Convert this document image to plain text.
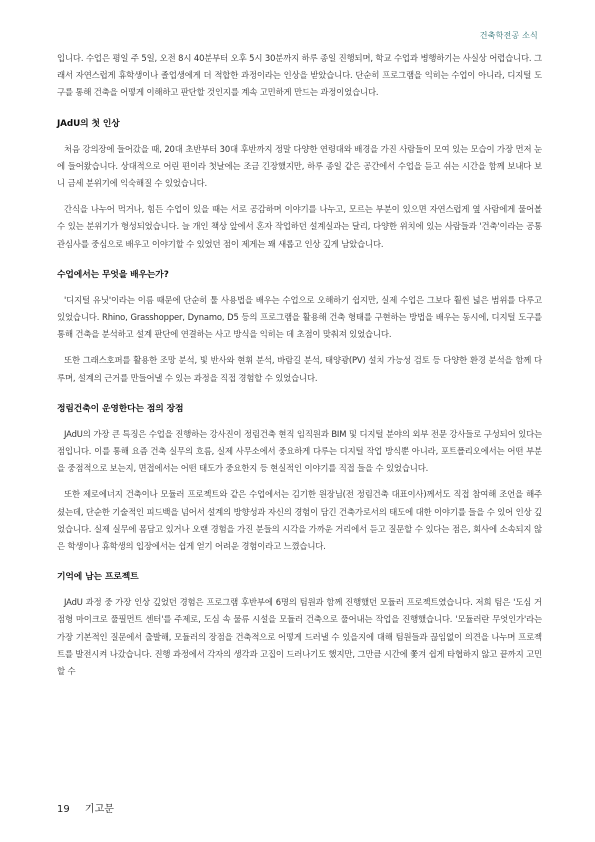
건축학전공 소식

입니다. 수업은 평일 주 5일, 오전 8시 40분부터 오후 5시 30분까지 하루 종일 진행되며, 학교 수업과 병행하기는 사실상 어렵습니다. 그래서 자연스럽게 휴학생이나 졸업생에게 더 적합한 과정이라는 인상을 받았습니다. 단순히 프로그램을 익히는 수업이 아니라, 디지털 도구를 통해 건축을 어떻게 이해하고 판단할 것인지를 계속 고민하게 만드는 과정이었습니다.

JAdU의 첫 인상

처음 강의장에 들어갔을 때, 20대 초반부터 30대 후반까지 정말 다양한 연령대와 배경을 가진 사람들이 모여 있는 모습이 가장 먼저 눈에 들어왔습니다. 상대적으로 어린 편이라 첫날에는 조금 긴장했지만, 하루 종일 같은 공간에서 수업을 듣고 쉬는 시간을 함께 보내다 보니 금세 분위기에 익숙해질 수 있었습니다.

간식을 나누어 먹거나, 힘든 수업이 있을 때는 서로 공감하며 이야기를 나누고, 모르는 부분이 있으면 자연스럽게 옆 사람에게 물어볼 수 있는 분위기가 형성되었습니다. 늘 개인 책상 앞에서 혼자 작업하던 설계실과는 달리, 다양한 위치에 있는 사람들과 '건축'이라는 공통 관심사를 중심으로 배우고 이야기할 수 있었던 점이 제게는 꽤 새롭고 인상 깊게 남았습니다.

수업에서는 무엇을 배우는가?

'디지털 유닛'이라는 이름 때문에 단순히 툴 사용법을 배우는 수업으로 오해하기 쉽지만, 실제 수업은 그보다 훨씬 넓은 범위를 다루고 있었습니다. Rhino, Grasshopper, Dynamo, D5 등의 프로그램을 활용해 건축 형태를 구현하는 방법을 배우는 동시에, 디지털 도구를 통해 건축을 분석하고 설계 판단에 연결하는 사고 방식을 익히는 데 초점이 맞춰져 있었습니다.

또한 그래스호퍼를 활용한 조망 분석, 빛 반사와 현휘 분석, 바람길 분석, 태양광(PV) 설치 가능성 검토 등 다양한 환경 분석을 함께 다루며, 설계의 근거를 만들어낼 수 있는 과정을 직접 경험할 수 있었습니다.

정림건축이 운영한다는 점의 장점

JAdU의 가장 큰 특징은 수업을 진행하는 강사진이 정림건축 현직 임직원과 BIM 및 디지털 분야의 외부 전문 강사들로 구성되어 있다는 점입니다. 이를 통해 요즘 건축 실무의 흐름, 실제 사무소에서 중요하게 다루는 디지털 작업 방식뿐 아니라, 포트폴리오에서는 어떤 부분을 중점적으로 보는지, 면접에서는 어떤 태도가 중요한지 등 현실적인 이야기를 직접 들을 수 있었습니다.

또한 제로에너지 건축이나 모듈러 프로젝트와 같은 수업에서는 김기한 원장님(전 정림건축 대표이사)께서도 직접 참여해 조언을 해주셨는데, 단순한 기술적인 피드백을 넘어서 설계의 방향성과 자신의 경험이 담긴 건축가로서의 태도에 대한 이야기를 들을 수 있어 인상 깊었습니다. 실제 실무에 몸담고 있거나 오랜 경험을 가진 분들의 시각을 가까운 거리에서 듣고 질문할 수 있다는 점은, 회사에 소속되지 않은 학생이나 휴학생의 입장에서는 쉽게 얻기 어려운 경험이라고 느꼈습니다.

기억에 남는 프로젝트

JAdU 과정 중 가장 인상 깊었던 경험은 프로그램 후반부에 6명의 팀원과 함께 진행했던 모듈러 프로젝트였습니다. 저희 팀은 '도심 거점형 마이크로 풀필먼트 센터'를 주제로, 도심 속 물류 시설을 모듈러 건축으로 풀어내는 작업을 진행했습니다. '모듈러란 무엇인가'라는 가장 기본적인 질문에서 출발해, 모듈러의 장점을 건축적으로 어떻게 드러낼 수 있을지에 대해 팀원들과 끊임없이 의견을 나누며 프로젝트를 발전시켜 나갔습니다. 진행 과정에서 각자의 생각과 고집이 드러나기도 했지만, 그만큼 시간에 쫓겨 쉽게 타협하지 않고 끝까지 고민할 수

19 기고문
